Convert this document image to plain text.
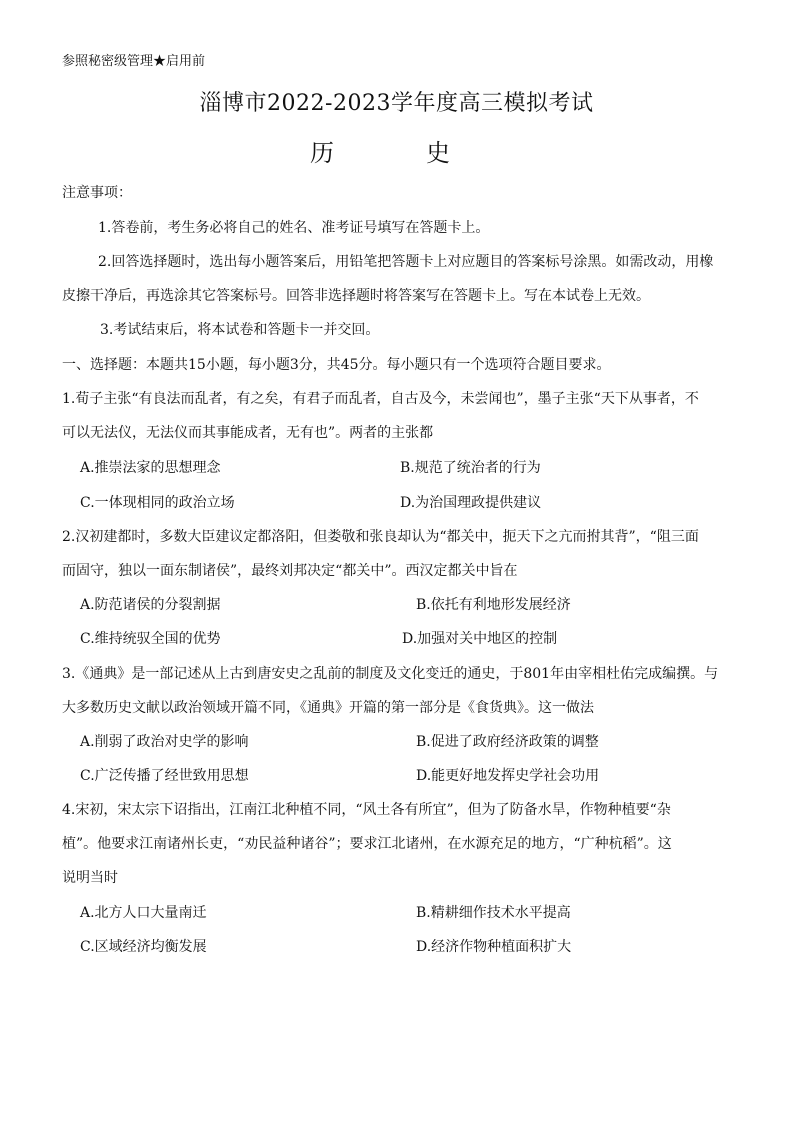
参照秘密级管理★启用前
淄博市2022-2023学年度高三模拟考试
历	史
注意事项：
1.答卷前，考生务必将自己的姓名、准考证号填写在答题卡上。
2.回答选择题时，选出每小题答案后，用铅笔把答题卡上对应题目的答案标号涂黑。如需改动，用橡
皮擦干净后，再选涂其它答案标号。回答非选择题时将答案写在答题卡上。写在本试卷上无效。
3.考试结束后，将本试卷和答题卡一并交回。
一、选择题：本题共15小题，每小题3分，共45分。每小题只有一个选项符合题目要求。
1.荀子主张“有良法而乱者，有之矣，有君子而乱者，自古及今，未尝闻也”，墨子主张“天下从事者，不
可以无法仪，无法仪而其事能成者，无有也”。两者的主张都
A.推崇法家的思想理念	B.规范了统治者的行为
C.一体现相同的政治立场	D.为治国理政提供建议
2.汉初建都时，多数大臣建议定都洛阳，但娄敬和张良却认为“都关中，扼天下之亢而拊其背”，“阻三面
而固守，独以一面东制诸侯”，最终刘邦决定“都关中”。西汉定都关中旨在
A.防范诸侯的分裂割据	B.依托有利地形发展经济
C.维持统驭全国的优势	D.加强对关中地区的控制
3.《通典》是一部记述从上古到唐安史之乱前的制度及文化变迁的通史，于801年由宰相杜佑完成编撰。与
大多数历史文献以政治领域开篇不同，《通典》开篇的第一部分是《食货典》。这一做法
A.削弱了政治对史学的影响	B.促进了政府经济政策的调整
C.广泛传播了经世致用思想	D.能更好地发挥史学社会功用
4.宋初，宋太宗下诏指出，江南江北种植不同，“风土各有所宜”，但为了防备水旱，作物种植要“杂
植”。他要求江南诸州长吏，“劝民益种诸谷”；要求江北诸州，在水源充足的地方，“广种杭稻”。这
说明当时
A.北方人口大量南迁	B.精耕细作技术水平提高
C.区域经济均衡发展	D.经济作物种植面积扩大
